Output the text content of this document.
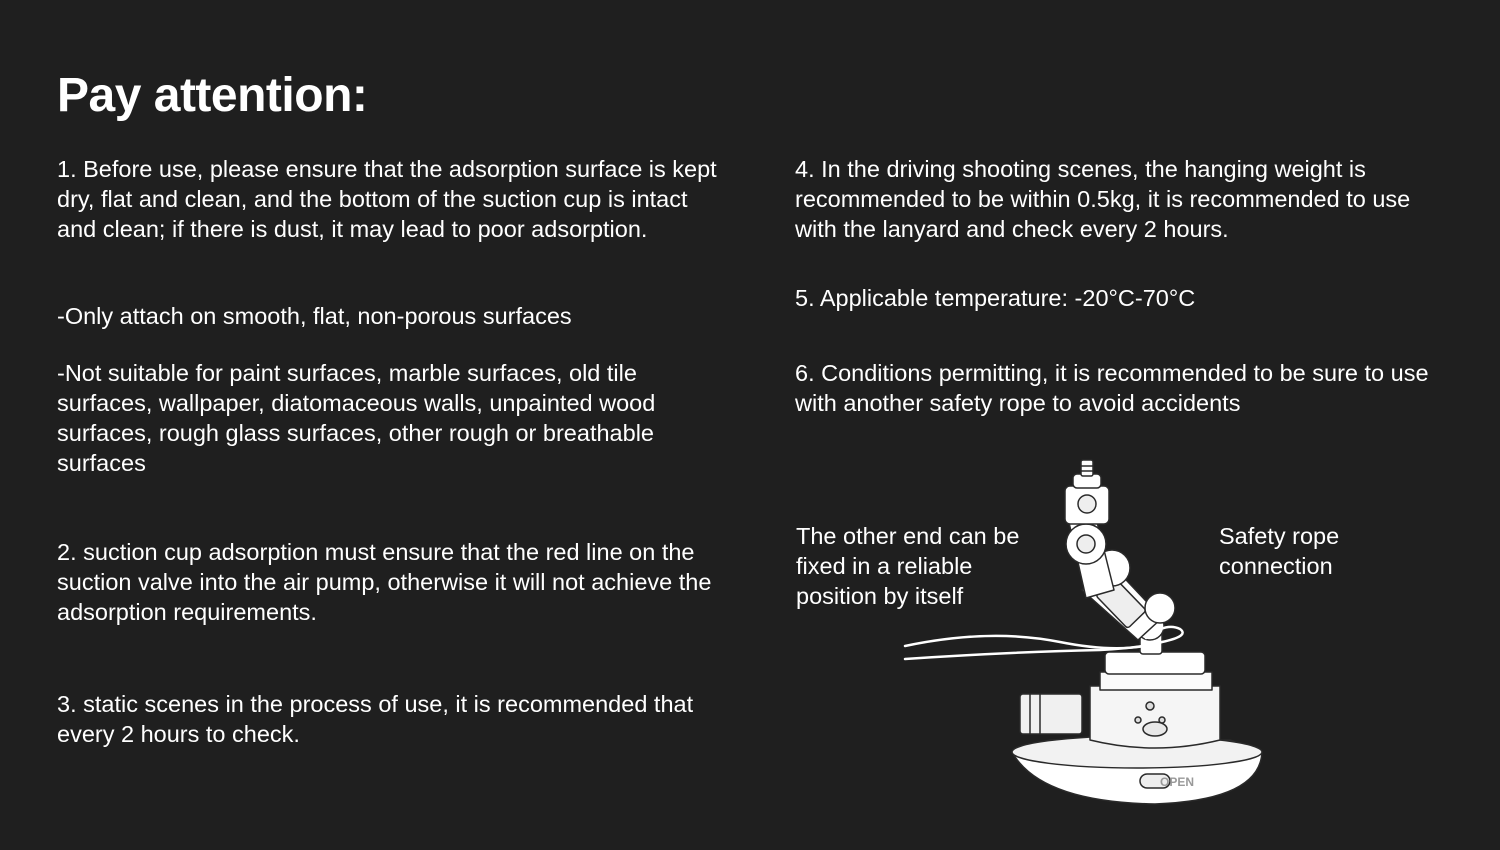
Pay attention:

1. Before use, please ensure that the adsorption surface is kept dry, flat and clean, and the bottom of the suction cup is intact and clean; if there is dust, it may lead to poor adsorption.

-Only attach on smooth, flat, non-porous surfaces

-Not suitable for paint surfaces, marble surfaces, old tile surfaces, wallpaper, diatomaceous walls, unpainted wood surfaces, rough glass surfaces, other rough or breathable surfaces

2. suction cup adsorption must ensure that the red line on the suction valve into the air pump, otherwise it will not achieve the adsorption requirements.

3. static scenes in the process of use, it is recommended that every 2 hours to check.

4. In the driving shooting scenes, the hanging weight is recommended to be within 0.5kg, it is recommended to use with the lanyard and check every 2 hours.

5. Applicable temperature: -20°C-70°C

6. Conditions permitting, it is recommended to be sure to use with another safety rope to avoid accidents

The other end can be fixed in a reliable position by itself

Safety rope connection

OPEN
